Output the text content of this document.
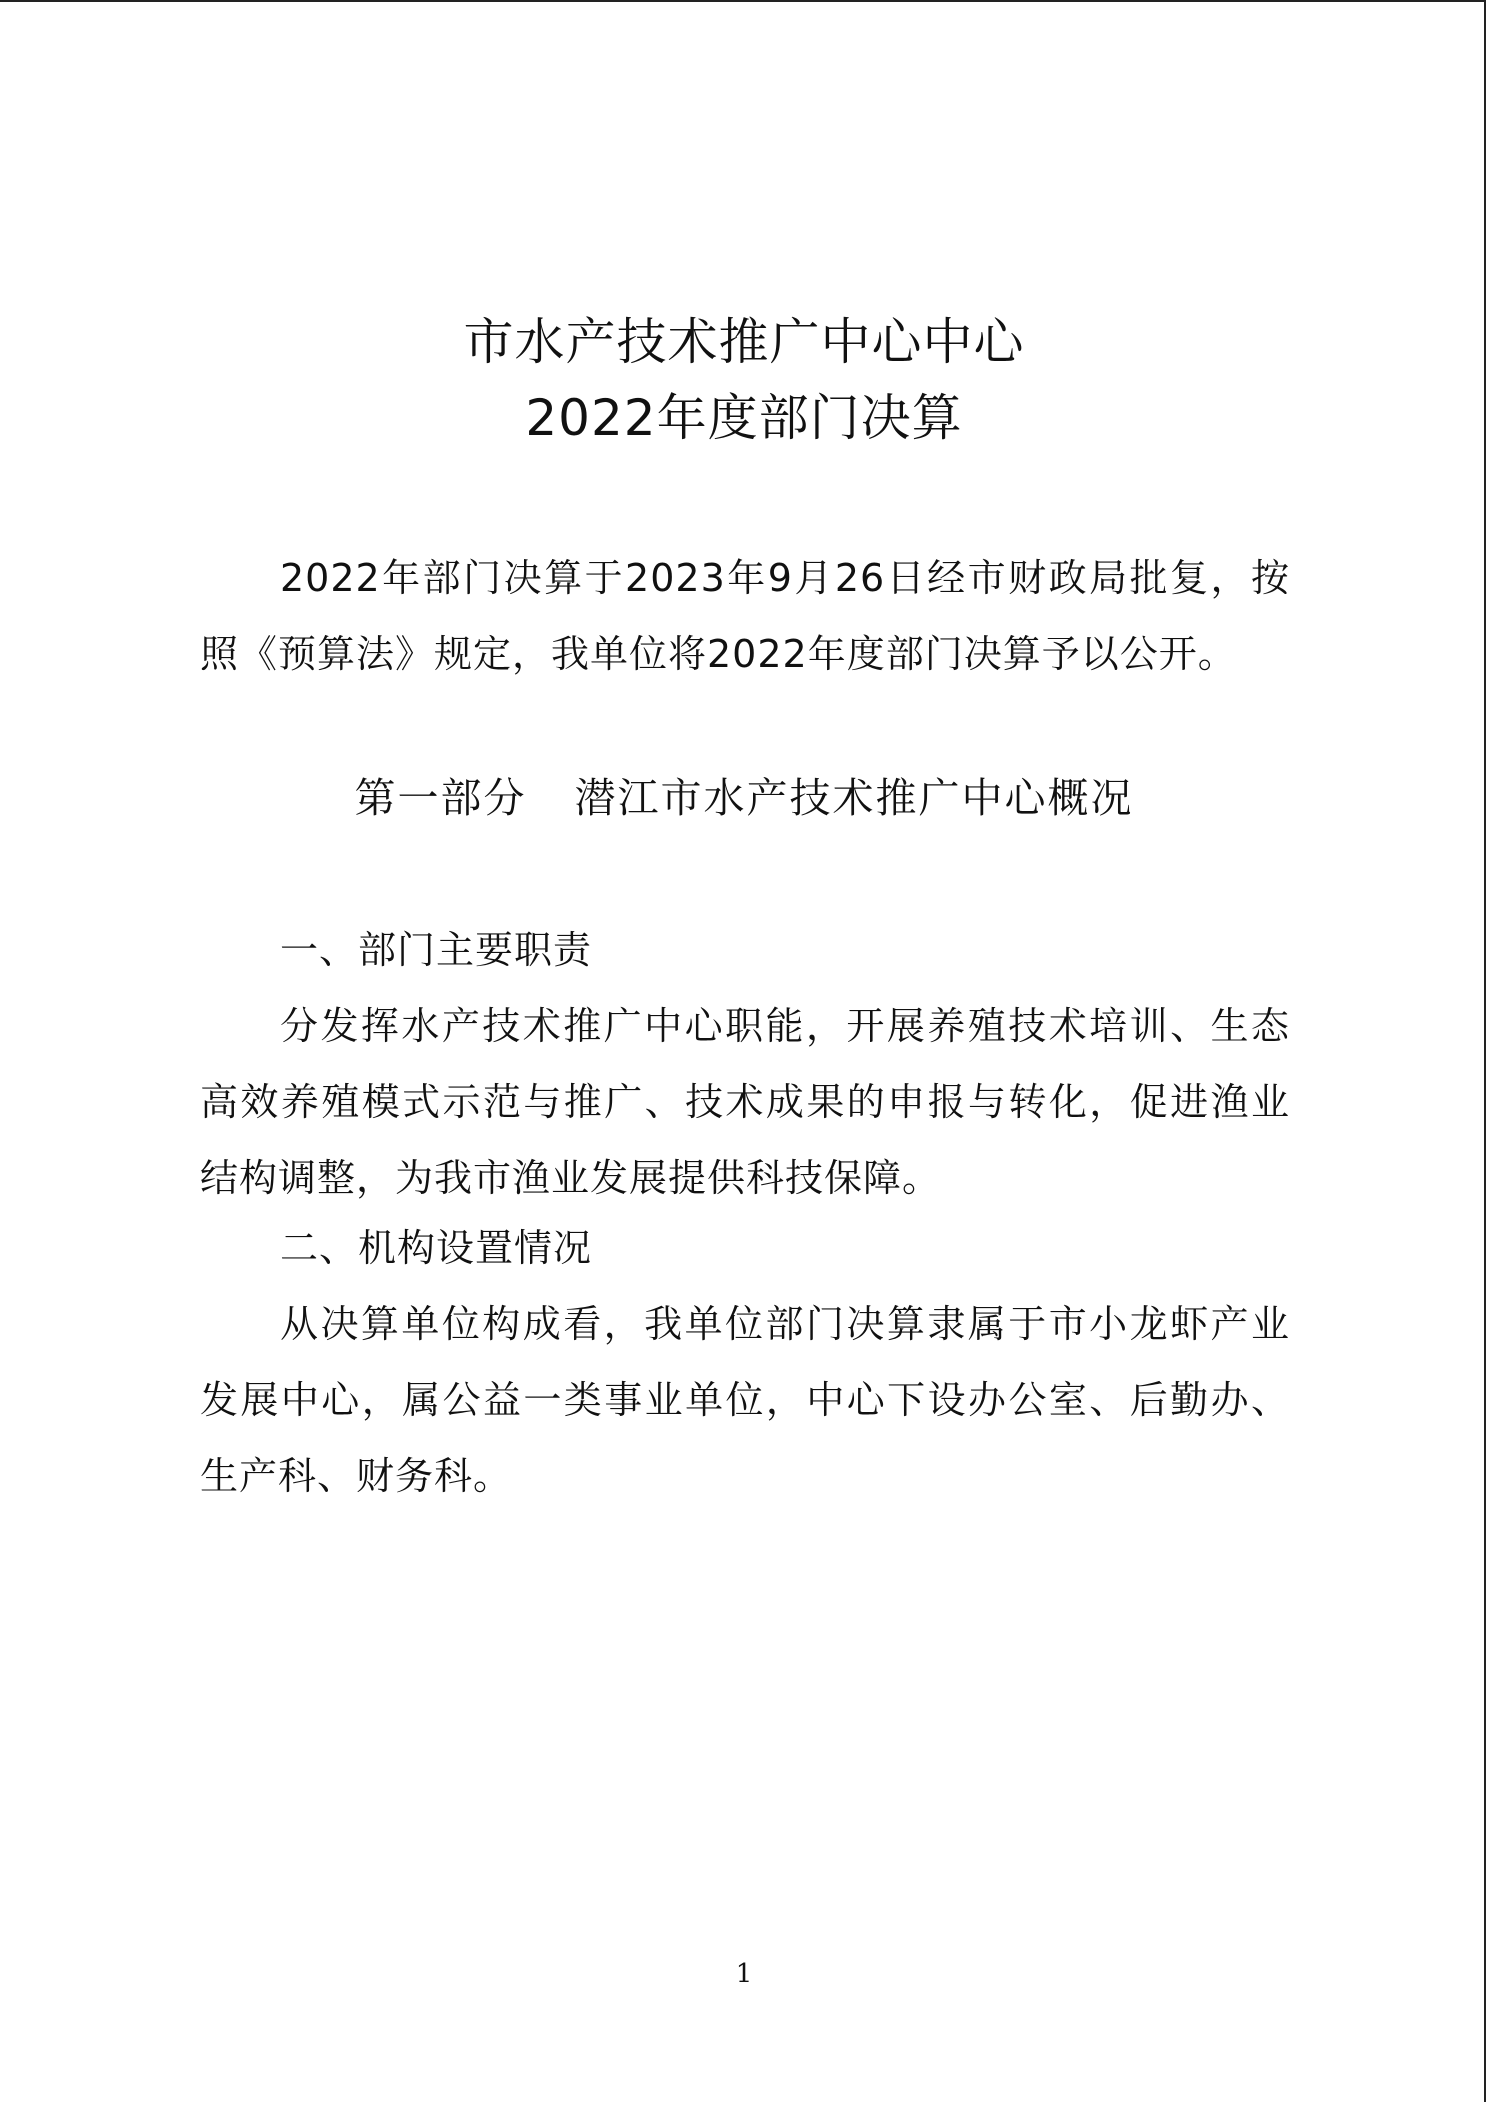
市水产技术推广中心中心
2022年度部门决算

2022年部门决算于2023年9月26日经市财政局批复，按照《预算法》规定，我单位将2022年度部门决算予以公开。

第一部分 潜江市水产技术推广中心概况
一、部门主要职责

分发挥水产技术推广中心职能，开展养殖技术培训、生态高效养殖模式示范与推广、技术成果的申报与转化，促进渔业结构调整，为我市渔业发展提供科技保障。

二、机构设置情况

从决算单位构成看，我单位部门决算隶属于市小龙虾产业发展中心，属公益一类事业单位，中心下设办公室、后勤办、生产科、财务科。

1
